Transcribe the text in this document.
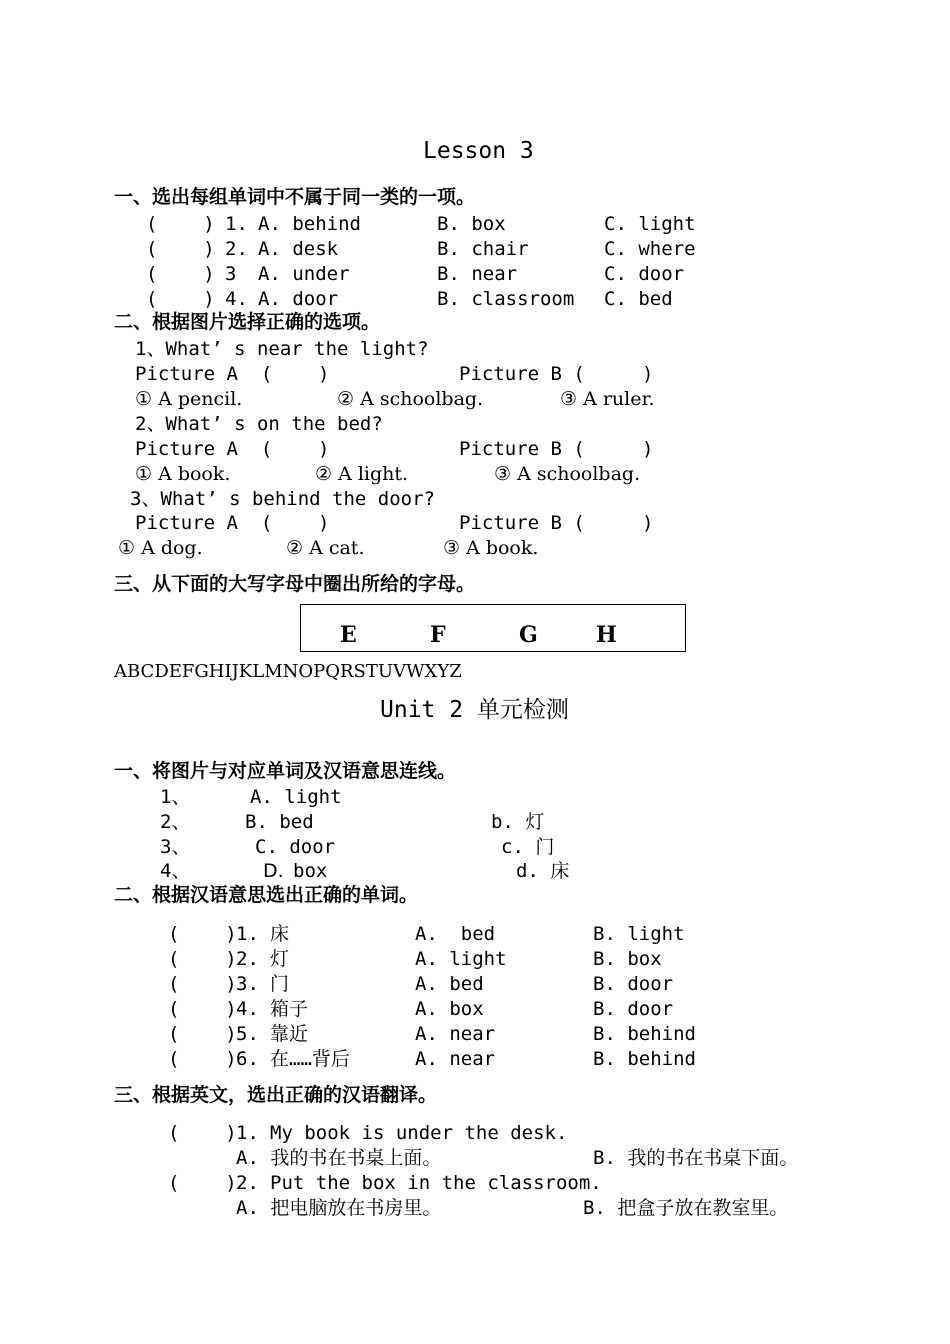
Lesson 3
一、选出每组单词中不属于同一类的一项。
(    ) 1. A. behind	B. box	C. light
(    ) 2. A. desk	B. chair	C. where
(    ) 3 A. under	B. near	C. door
(    ) 4. A. door	B. classroom C. bed
二、根据图片选择正确的选项。
1、What’ s near the light?
Picture A  (    )	Picture B (     )
① A pencil.	② A schoolbag.	③ A ruler.
2、What’ s on the bed?
Picture A  (    )	Picture B (     )
① A book.	② A light.	③ A schoolbag.
3、What’ s behind the door?
Picture A  (    )	Picture B (     )
① A dog.	② A cat.	③ A book.
三、从下面的大写字母中圈出所给的字母。
E	F	G	H
ABCDEFGHIJKLMNOPQRSTUVWXYZ
Unit 2 单元检测
一、将图片与对应单词及汉语意思连线。
1、	A. light
2、	B. bed	b. 灯
3、	C. door	c. 门
4、	D. box	d. 床
二、根据汉语意思选出正确的单词。
(    ) 1. 床	A.  bed	B. light
(    ) 2. 灯	A. light	B. box
(    ) 3. 门	A. bed	B. door
(    ) 4. 箱子	A. box	B. door
(    ) 5. 靠近	A. near	B. behind
(    ) 6. 在……背后	A. near	B. behind
三、根据英文，选出正确的汉语翻译。
(    ) 1. My book is under the desk.
A. 我的书在书桌上面。	B. 我的书在书桌下面。
(    ) 2. Put the box in the classroom.
A. 把电脑放在书房里。	B. 把盒子放在教室里。
